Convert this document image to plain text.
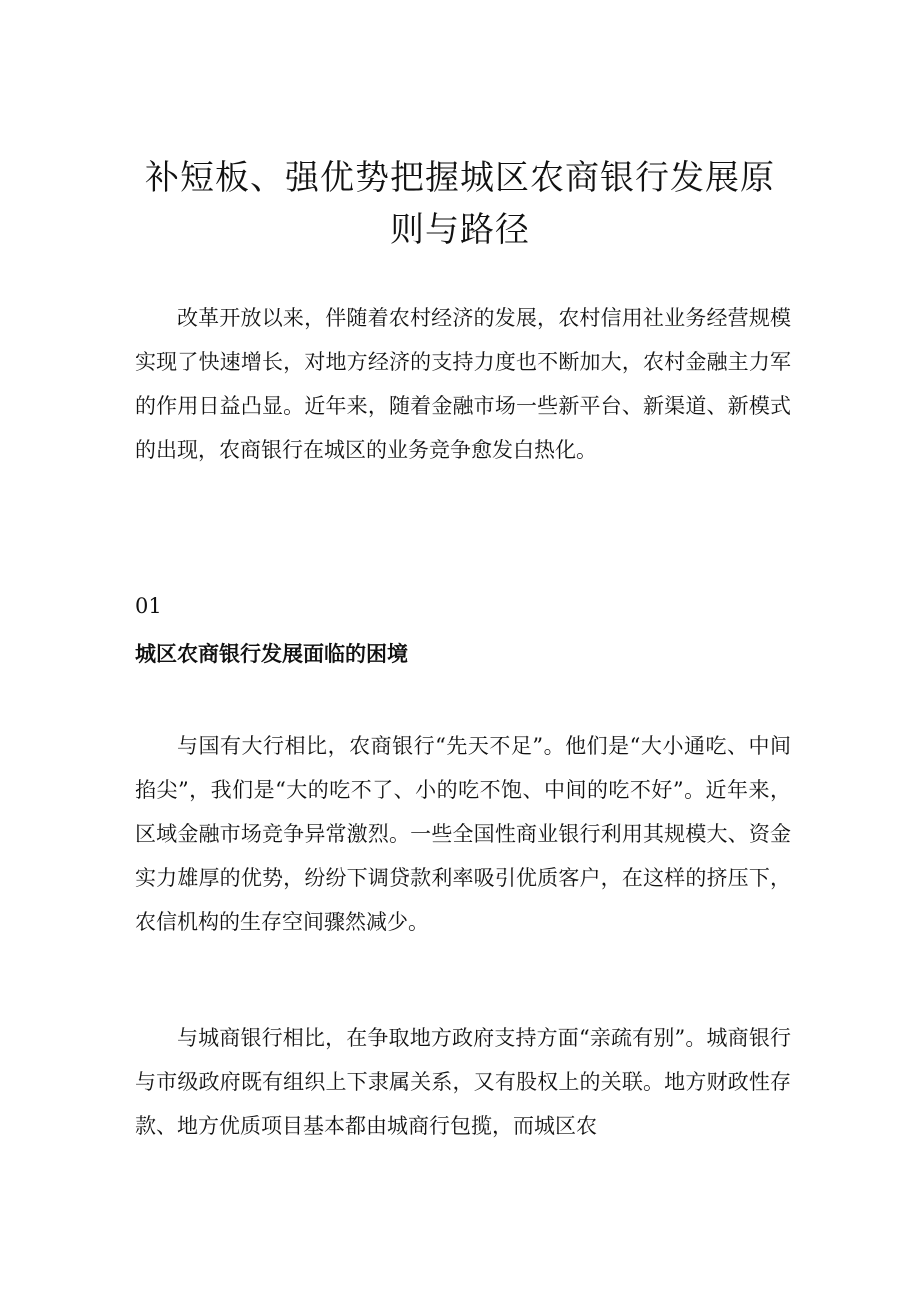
补短板、强优势把握城区农商银行发展原则与路径

改革开放以来，伴随着农村经济的发展，农村信用社业务经营规模实现了快速增长，对地方经济的支持力度也不断加大，农村金融主力军的作用日益凸显。近年来，随着金融市场一些新平台、新渠道、新模式的出现，农商银行在城区的业务竞争愈发白热化。

01

城区农商银行发展面临的困境

与国有大行相比，农商银行“先天不足”。他们是“大小通吃、中间掐尖”，我们是“大的吃不了、小的吃不饱、中间的吃不好”。近年来，区域金融市场竞争异常激烈。一些全国性商业银行利用其规模大、资金实力雄厚的优势，纷纷下调贷款利率吸引优质客户，在这样的挤压下，农信机构的生存空间骤然减少。

与城商银行相比，在争取地方政府支持方面“亲疏有别”。城商银行与市级政府既有组织上下隶属关系，又有股权上的关联。地方财政性存款、地方优质项目基本都由城商行包揽，而城区农
